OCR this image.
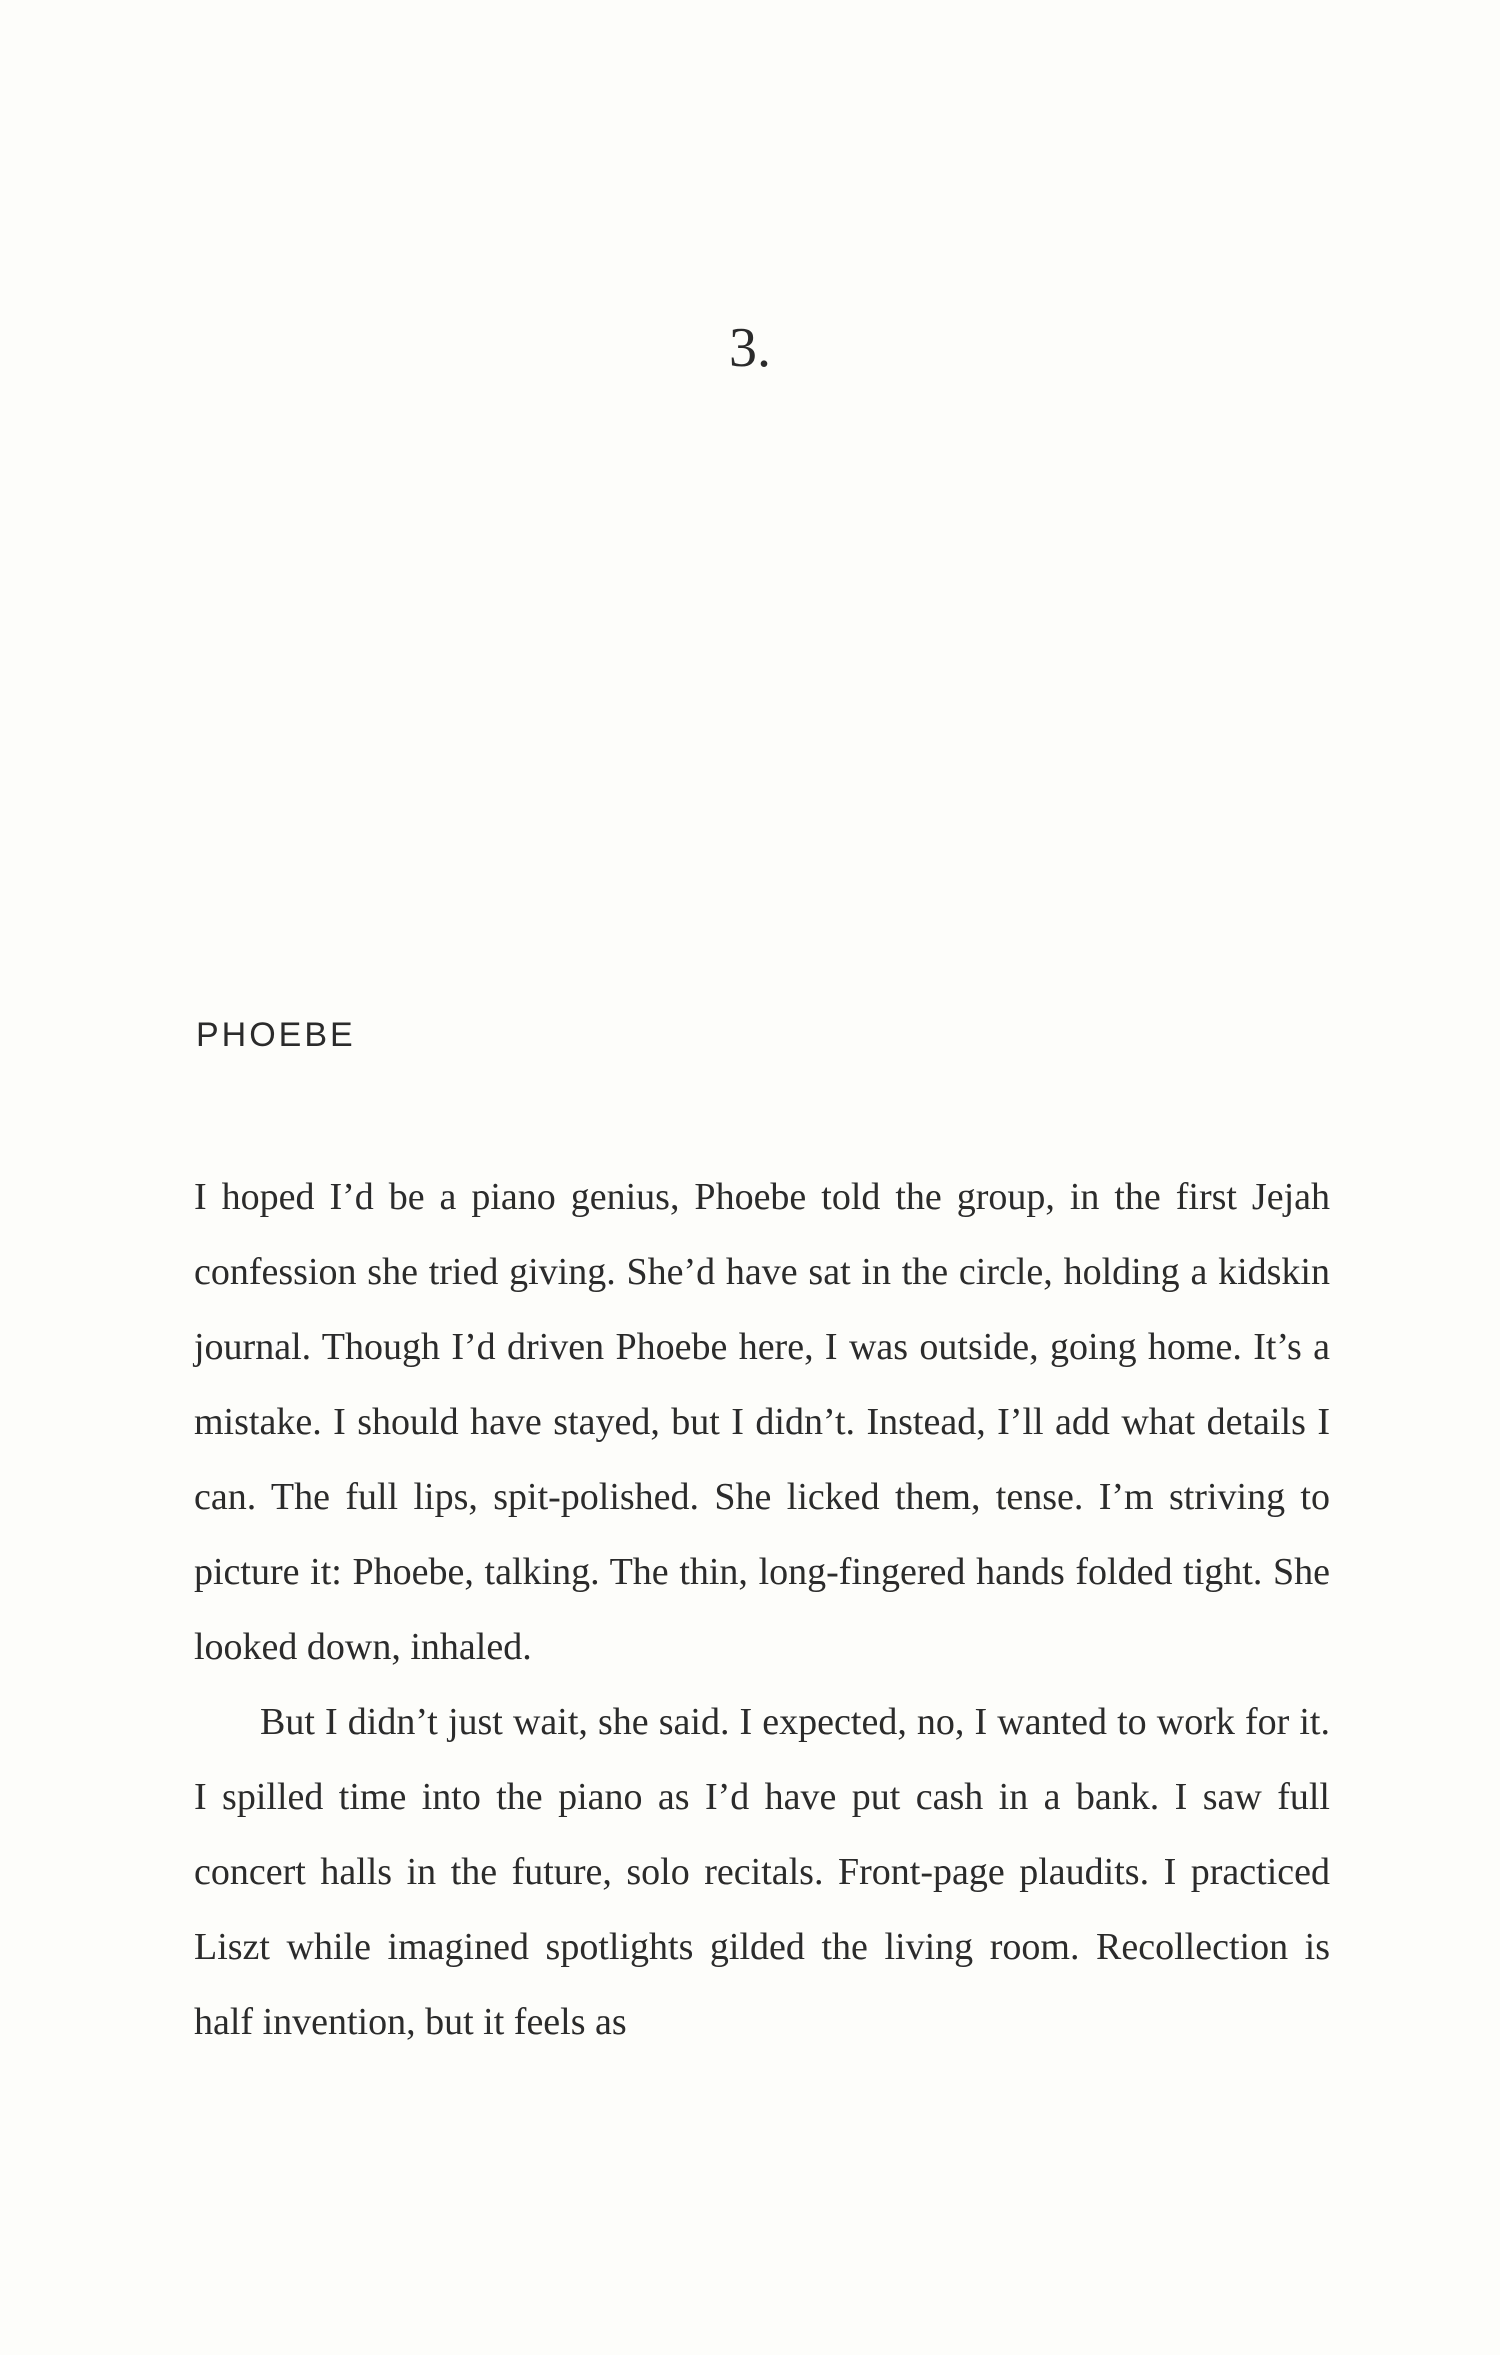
3.
PHOEBE

I hoped I’d be a piano genius, Phoebe told the group, in the first Jejah confession she tried giving. She’d have sat in the circle, holding a kidskin journal. Though I’d driven Phoebe here, I was outside, going home. It’s a mistake. I should have stayed, but I didn’t. Instead, I’ll add what details I can. The full lips, spit-polished. She licked them, tense. I’m striving to picture it: Phoebe, talking. The thin, long-fingered hands folded tight. She looked down, inhaled.

But I didn’t just wait, she said. I expected, no, I wanted to work for it. I spilled time into the piano as I’d have put cash in a bank. I saw full concert halls in the future, solo recitals. Front-page plaudits. I practiced Liszt while imagined spotlights gilded the living room. Recollection is half invention, but it feels as
